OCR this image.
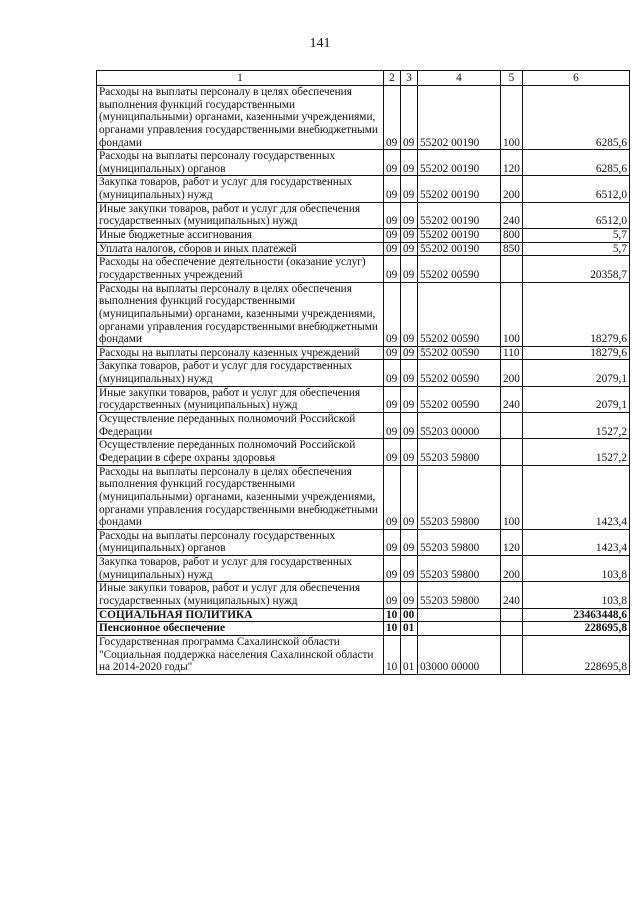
141
1	2	3	4	5	6
Расходы на выплаты персоналу в целях обеспечения выполнения функций государственными (муниципальными) органами, казенными учреждениями, органами управления государственными внебюджетными фондами	09	09	55202 00190	100	6285,6
Расходы на выплаты персоналу государственных (муниципальных) органов	09	09	55202 00190	120	6285,6
Закупка товаров, работ и услуг для государственных (муниципальных) нужд	09	09	55202 00190	200	6512,0
Иные закупки товаров, работ и услуг для обеспечения государственных (муниципальных) нужд	09	09	55202 00190	240	6512,0
Иные бюджетные ассигнования	09	09	55202 00190	800	5,7
Уплата налогов, сборов и иных платежей	09	09	55202 00190	850	5,7
Расходы на обеспечение деятельности (оказание услуг) государственных учреждений	09	09	55202 00590		20358,7
Расходы на выплаты персоналу в целях обеспечения выполнения функций государственными (муниципальными) органами, казенными учреждениями, органами управления государственными внебюджетными фондами	09	09	55202 00590	100	18279,6
Расходы на выплаты персоналу казенных учреждений	09	09	55202 00590	110	18279,6
Закупка товаров, работ и услуг для государственных (муниципальных) нужд	09	09	55202 00590	200	2079,1
Иные закупки товаров, работ и услуг для обеспечения государственных (муниципальных) нужд	09	09	55202 00590	240	2079,1
Осуществление переданных полномочий Российской Федерации	09	09	55203 00000		1527,2
Осуществление переданных полномочий Российской Федерации в сфере охраны здоровья	09	09	55203 59800		1527,2
Расходы на выплаты персоналу в целях обеспечения выполнения функций государственными (муниципальными) органами, казенными учреждениями, органами управления государственными внебюджетными фондами	09	09	55203 59800	100	1423,4
Расходы на выплаты персоналу государственных (муниципальных) органов	09	09	55203 59800	120	1423,4
Закупка товаров, работ и услуг для государственных (муниципальных) нужд	09	09	55203 59800	200	103,8
Иные закупки товаров, работ и услуг для обеспечения государственных (муниципальных) нужд	09	09	55203 59800	240	103,8
СОЦИАЛЬНАЯ ПОЛИТИКА	10	00			23463448,6
Пенсионное обеспечение	10	01			228695,8
Государственная программа Сахалинской области "Социальная поддержка населения Сахалинской области на 2014-2020 годы"	10	01	03000 00000		228695,8
